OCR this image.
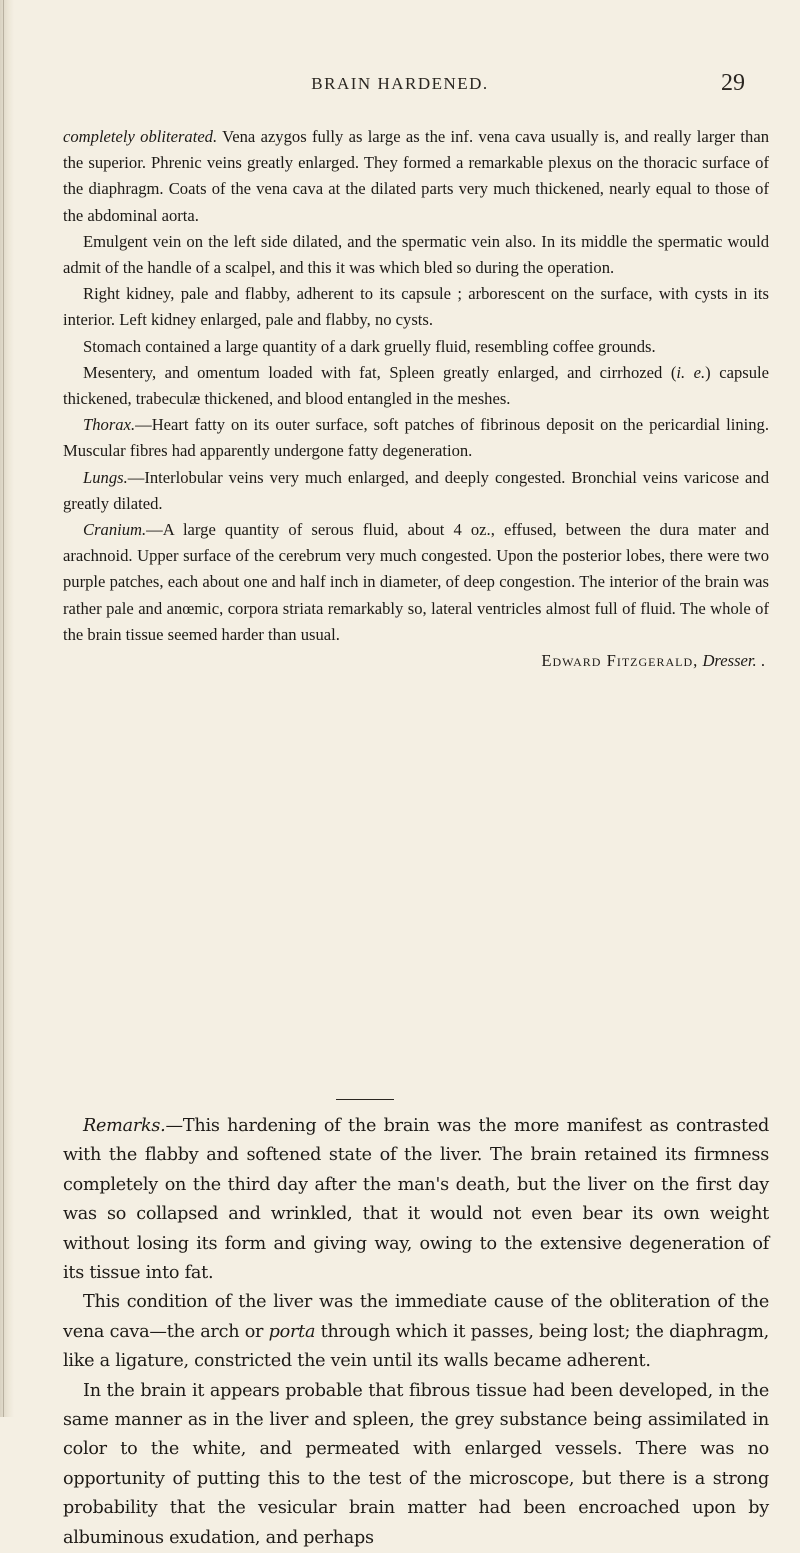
BRAIN HARDENED.	29

completely obliterated. Vena azygos fully as large as the inf. vena cava usually is, and really larger than the superior. Phrenic veins greatly enlarged. They formed a remarkable plexus on the thoracic surface of the diaphragm. Coats of the vena cava at the dilated parts very much thickened, nearly equal to those of the abdominal aorta.

Emulgent vein on the left side dilated, and the spermatic vein also. In its middle the spermatic would admit of the handle of a scalpel, and this it was which bled so during the operation.

Right kidney, pale and flabby, adherent to its capsule ; arborescent on the surface, with cysts in its interior. Left kidney enlarged, pale and flabby, no cysts.

Stomach contained a large quantity of a dark gruelly fluid, resembling coffee grounds.

Mesentery, and omentum loaded with fat, Spleen greatly enlarged, and cirrhozed (i. e.) capsule thickened, trabeculæ thickened, and blood entangled in the meshes.

Thorax.—Heart fatty on its outer surface, soft patches of fibrinous deposit on the pericardial lining. Muscular fibres had apparently undergone fatty degeneration.

Lungs.—Interlobular veins very much enlarged, and deeply congested. Bronchial veins varicose and greatly dilated.

Cranium.—A large quantity of serous fluid, about 4 oz., effused, between the dura mater and arachnoid. Upper surface of the cerebrum very much congested. Upon the posterior lobes, there were two purple patches, each about one and half inch in diameter, of deep congestion. The interior of the brain was rather pale and anœmic, corpora striata remarkably so, lateral ventricles almost full of fluid. The whole of the brain tissue seemed harder than usual.

Edward Fitzgerald, Dresser. .

Remarks.—This hardening of the brain was the more manifest as contrasted with the flabby and softened state of the liver. The brain retained its firmness completely on the third day after the man's death, but the liver on the first day was so collapsed and wrinkled, that it would not even bear its own weight without losing its form and giving way, owing to the extensive degeneration of its tissue into fat.

This condition of the liver was the immediate cause of the obliteration of the vena cava—the arch or porta through which it passes, being lost; the diaphragm, like a ligature, constricted the vein until its walls became adherent.

In the brain it appears probable that fibrous tissue had been developed, in the same manner as in the liver and spleen, the grey substance being assimilated in color to the white, and permeated with enlarged vessels. There was no opportunity of putting this to the test of the microscope, but there is a strong probability that the vesicular brain matter had been encroached upon by albuminous exudation, and perhaps
